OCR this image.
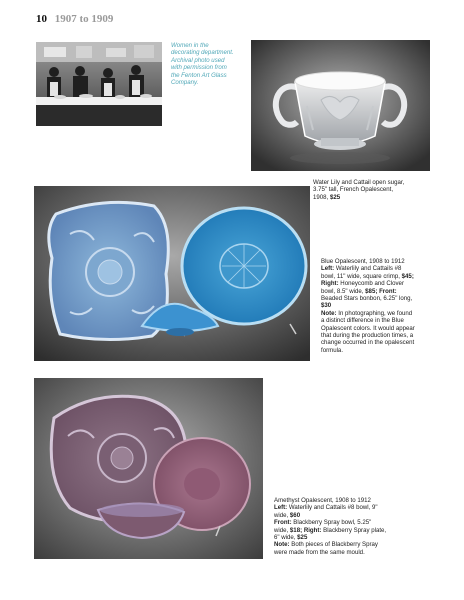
10 1907 to 1909
Women in the
decorating department.
Archival photo used
with permission from
the Fenton Art Glass
Company.
Water Lily and Cattail open sugar,
3.75" tall, French Opalescent,
1908, $25
Blue Opalescent, 1908 to 1912
Left: Waterlily and Cattails #8
bowl, 11" wide, square crimp, $45;
Right: Honeycomb and Clover
bowl, 8.5" wide, $85; Front:
Beaded Stars bonbon, 6.25" long,
$30
Note: In photographing, we found
a distinct difference in the Blue
Opalescent colors. It would appear
that during the production times, a
change occurred in the opalescent
formula.
Amethyst Opalescent, 1908 to 1912
Left: Waterlily and Cattails #8 bowl, 9"
wide, $60
Front: Blackberry Spray bowl, 5.25"
wide, $18; Right: Blackberry Spray plate,
6" wide, $25
Note: Both pieces of Blackberry Spray
were made from the same mould.
